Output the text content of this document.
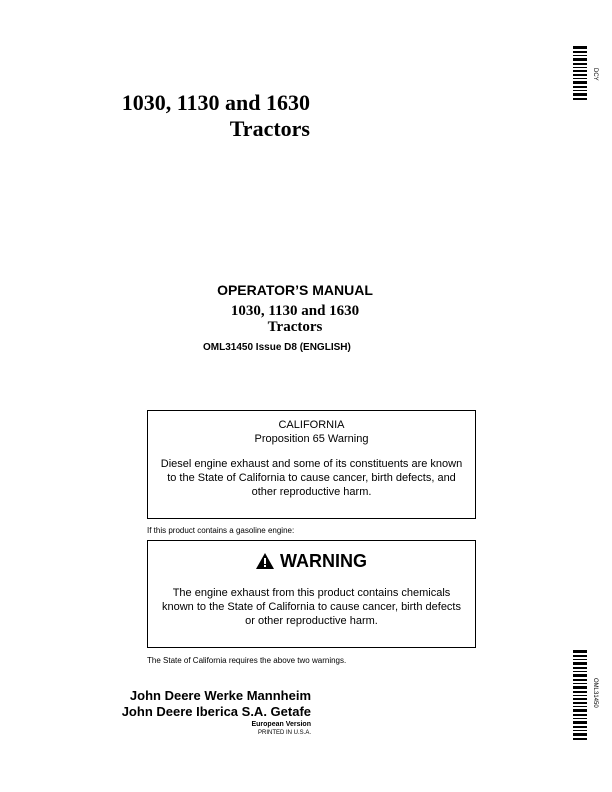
1030, 1130 and 1630
Tractors
OPERATOR’S MANUAL
1030, 1130 and 1630
Tractors
OML31450 Issue D8 (ENGLISH)
CALIFORNIA
Proposition 65 Warning
Diesel engine exhaust and some of its constituents are known to the State of California to cause cancer, birth defects, and other reproductive harm.
If this product contains a gasoline engine:
WARNING
The engine exhaust from this product contains chemicals known to the State of California to cause cancer, birth defects or other reproductive harm.
The State of California requires the above two warnings.
John Deere Werke Mannheim
John Deere Iberica S.A. Getafe
European Version
PRINTED IN U.S.A.
DCY
OML31450
